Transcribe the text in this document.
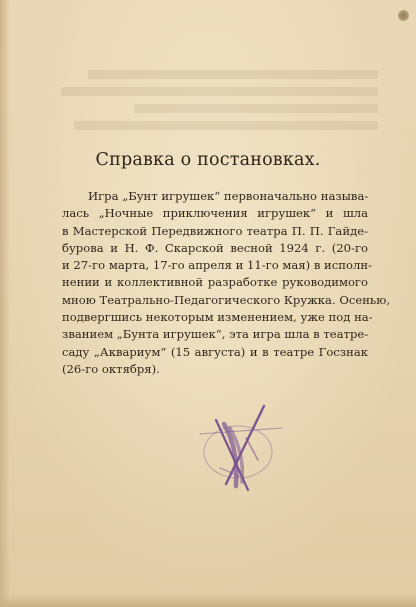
Справка о постановках.
Игра „Бунт игрушек“ первоначально называ-
лась „Ночные приключения игрушек“ и шла
в Мастерской Передвижного театра П. П. Гайде-
бурова и Н. Ф. Скарской весной 1924 г. (20-го
и 27-го марта, 17-го апреля и 11-го мая) в исполн-
нении и коллективной разработке руководимого
мною Театрально-Педагогического Кружка. Осенью,
подвергшись некоторым изменением, уже под на-
званием „Бунта игрушек“, эта игра шла в театре-
саду „Аквариум“ (15 августа) и в театре Госзнак
(26-го октября).
